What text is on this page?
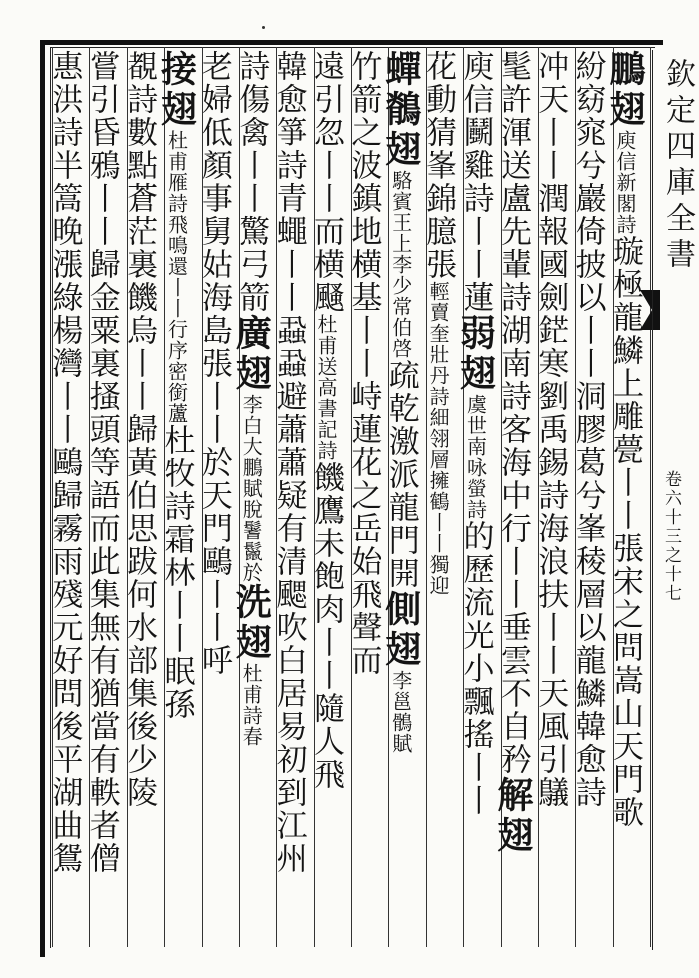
鵬翅庾信新閣詩璇極龍鱗上雕甍丨丨張宋之問嵩山天門歌
紛窈窕兮巖倚披以丨丨洞膠葛兮峯稜層以龍鱗韓愈詩
冲天丨丨潤報國劍鋩寒劉禹錫詩海浪扶丨丨天風引鸃
髦許渾送盧先輩詩湖南詩客海中行丨丨垂雲不自矜解翅
庾信鬭雞詩丨丨蓮弱翅虞世南咏螢詩的歷流光小飄搖丨丨
花動猜峯錦臆張輕賣奎壯丹詩細翎層擁鶴丨丨獨迎
蟬鶺翅駱賓王上李少常伯啓疏乾激派龍門開側翅李邕鶻賦
竹箭之波鎮地横基丨丨峙蓮花之岳始飛聲而
遠引忽丨丨而横颾杜甫送高書記詩饑鷹未飽肉丨丨隨人飛
韓愈箏詩青蠅丨丨蝨蝨避蕭蕭疑有清颸吹白居易初到江州
詩傷禽丨丨驚弓箭廣翅李白大鵬賦脫鬐鬣於洗翅杜甫詩春
老婦低顏事舅姑海島張丨丨於天門鷗丨丨呼
接翅杜甫雁詩飛鳴還丨丨行序密銜蘆杜牧詩霜林丨丨眠孫
覩詩數點蒼茫裏饑烏丨丨歸黃伯思跋何水部集後少陵
嘗引昏鴉丨丨歸金粟裏搔頭等語而此集無有猶當有軼者僧
惠洪詩半篙晚漲綠楊灣丨丨鷗歸霧雨殘元好問後平湖曲鴛	欽定四庫全書
卷六十三之十七
